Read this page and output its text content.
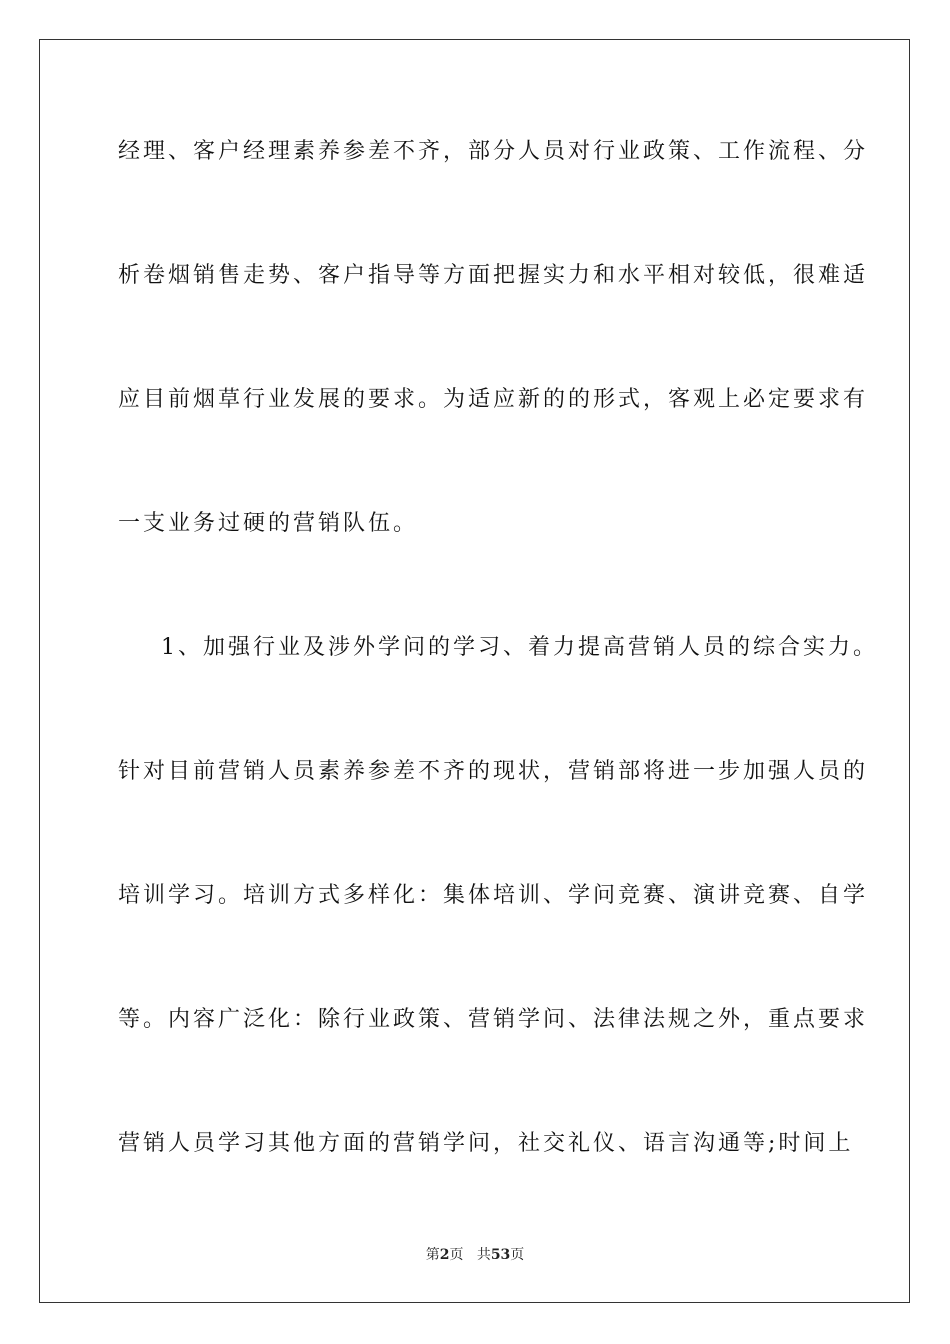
经理、客户经理素养参差不齐，部分人员对行业政策、工作流程、分
析卷烟销售走势、客户指导等方面把握实力和水平相对较低，很难适
应目前烟草行业发展的要求。为适应新的的形式，客观上必定要求有
一支业务过硬的营销队伍。
1、加强行业及涉外学问的学习、着力提高营销人员的综合实力。
针对目前营销人员素养参差不齐的现状，营销部将进一步加强人员的
培训学习。培训方式多样化：集体培训、学问竞赛、演讲竞赛、自学
等。内容广泛化：除行业政策、营销学问、法律法规之外，重点要求
营销人员学习其他方面的营销学问，社交礼仪、语言沟通等;时间上
第2页 共53页
